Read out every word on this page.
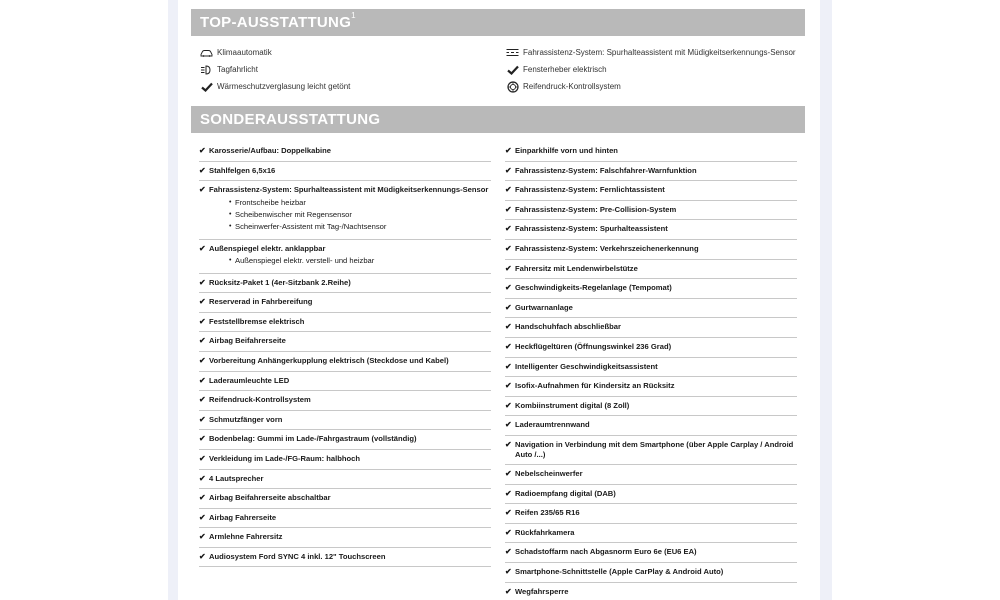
TOP-AUSSTATTUNG$^1$
Klimaautomatik
Tagfahrlicht
Wärmeschutzverglasung leicht getönt
Fahrassistenz-System: Spurhalteassistent mit Müdigkeitserkennungs-Sensor
Fensterheber elektrisch
Reifendruck-Kontrollsystem
SONDERAUSSTATTUNG
✔ Karosserie/Aufbau: Doppelkabine
✔ Stahlfelgen 6,5x16
✔ Fahrassistenz-System: Spurhalteassistent mit Müdigkeitserkennungs-Sensor
• Frontscheibe heizbar
• Scheibenwischer mit Regensensor
• Scheinwerfer-Assistent mit Tag-/Nachtsensor
✔ Außenspiegel elektr. anklappbar
• Außenspiegel elektr. verstell- und heizbar
✔ Rücksitz-Paket 1 (4er-Sitzbank 2.Reihe)
✔ Reserverad in Fahrbereifung
✔ Feststellbremse elektrisch
✔ Airbag Beifahrerseite
✔ Vorbereitung Anhängerkupplung elektrisch (Steckdose und Kabel)
✔ Laderaumleuchte LED
✔ Reifendruck-Kontrollsystem
✔ Schmutzfänger vorn
✔ Bodenbelag: Gummi im Lade-/Fahrgastraum (vollständig)
✔ Verkleidung im Lade-/FG-Raum: halbhoch
✔ 4 Lautsprecher
✔ Airbag Beifahrerseite abschaltbar
✔ Airbag Fahrerseite
✔ Armlehne Fahrersitz
✔ Audiosystem Ford SYNC 4 inkl. 12" Touchscreen
✔ Einparkhilfe vorn und hinten
✔ Fahrassistenz-System: Falschfahrer-Warnfunktion
✔ Fahrassistenz-System: Fernlichtassistent
✔ Fahrassistenz-System: Pre-Collision-System
✔ Fahrassistenz-System: Spurhalteassistent
✔ Fahrassistenz-System: Verkehrszeichenerkennung
✔ Fahrersitz mit Lendenwirbelstütze
✔ Geschwindigkeits-Regelanlage (Tempomat)
✔ Gurtwarnanlage
✔ Handschuhfach abschließbar
✔ Heckflügeltüren (Öffnungswinkel 236 Grad)
✔ Intelligenter Geschwindigkeitsassistent
✔ Isofix-Aufnahmen für Kindersitz an Rücksitz
✔ Kombiinstrument digital (8 Zoll)
✔ Laderaumtrennwand
✔ Navigation in Verbindung mit dem Smartphone (über Apple Carplay / Android Auto /...)
✔ Nebelscheinwerfer
✔ Radioempfang digital (DAB)
✔ Reifen 235/65 R16
✔ Rückfahrkamera
✔ Schadstoffarm nach Abgasnorm Euro 6e (EU6 EA)
✔ Smartphone-Schnittstelle (Apple CarPlay & Android Auto)
✔ Wegfahrsperre
